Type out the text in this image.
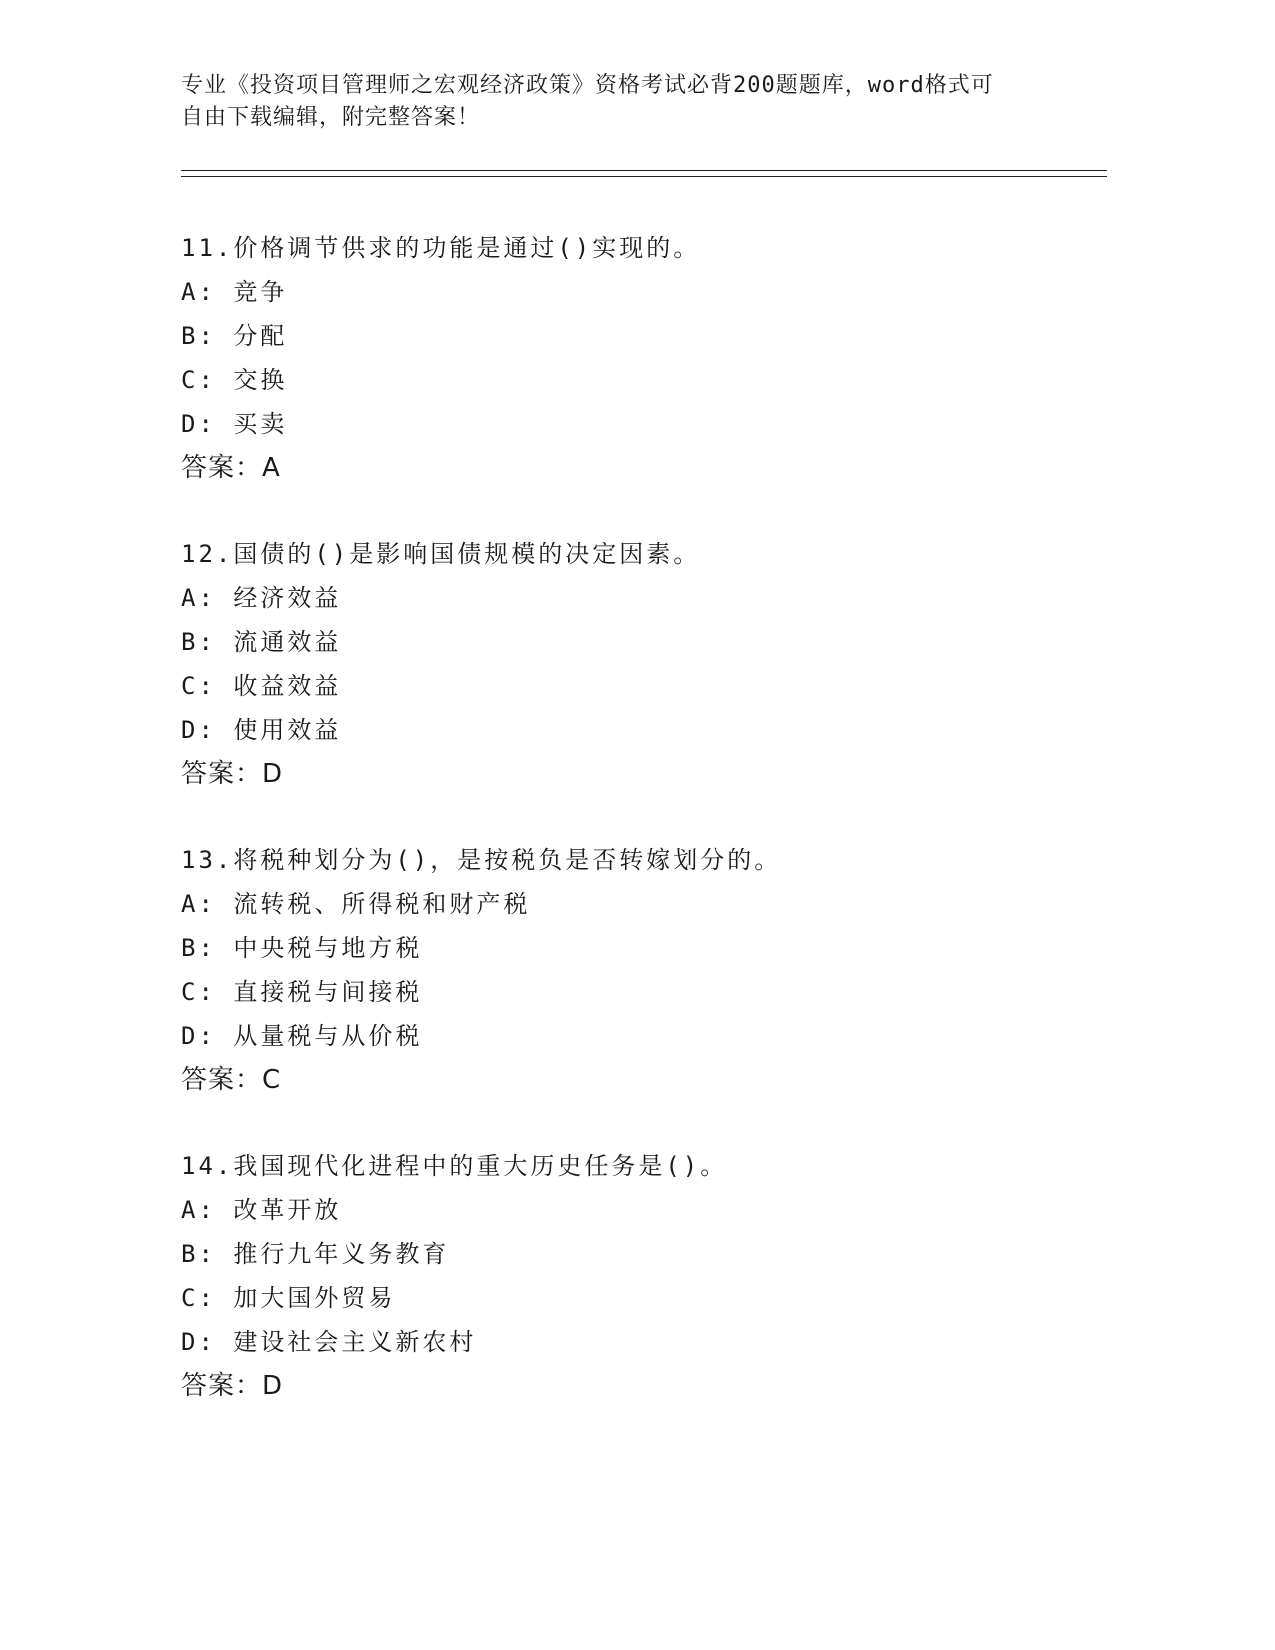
专业《投资项目管理师之宏观经济政策》资格考试必背200题题库，word格式可
自由下载编辑，附完整答案！
11.价格调节供求的功能是通过()实现的。
A: 竞争
B: 分配
C: 交换
D: 买卖
答案：A
12.国债的()是影响国债规模的决定因素。
A: 经济效益
B: 流通效益
C: 收益效益
D: 使用效益
答案：D
13.将税种划分为()，是按税负是否转嫁划分的。
A: 流转税、所得税和财产税
B: 中央税与地方税
C: 直接税与间接税
D: 从量税与从价税
答案：C
14.我国现代化进程中的重大历史任务是()。
A: 改革开放
B: 推行九年义务教育
C: 加大国外贸易
D: 建设社会主义新农村
答案：D
